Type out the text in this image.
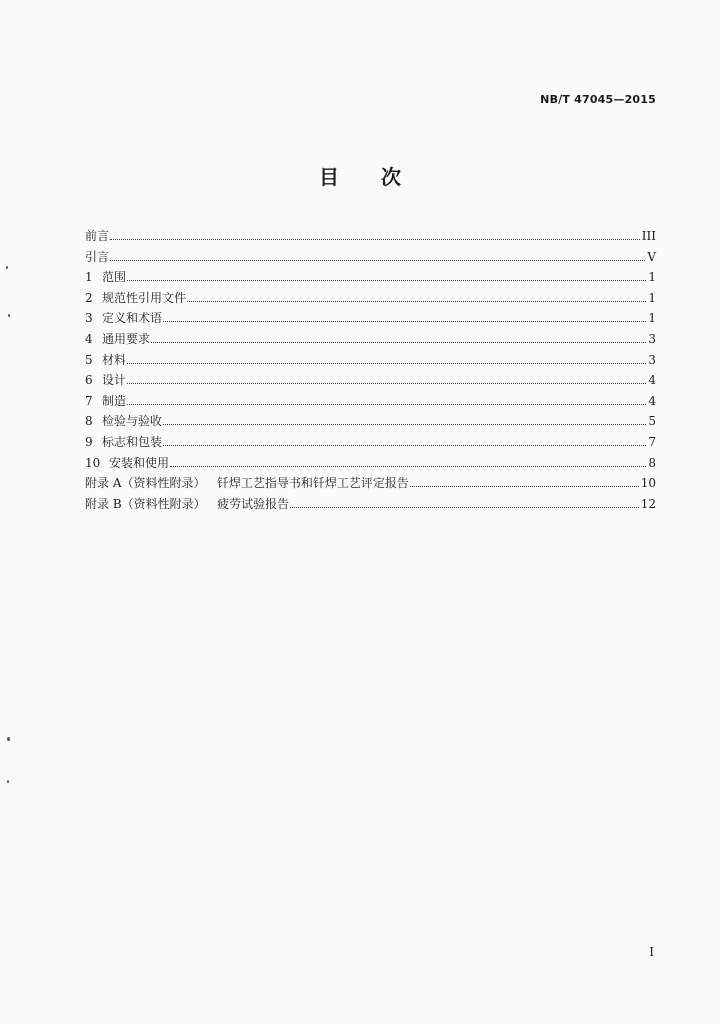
NB/T 47045—2015
目 次
前言	III
引言	V
1 范围	1
2 规范性引用文件	1
3 定义和术语	1
4 通用要求	3
5 材料	3
6 设计	4
7 制造	4
8 检验与验收	5
9 标志和包装	7
10 安装和使用	8
附录 A（资料性附录）   钎焊工艺指导书和钎焊工艺评定报告	10
附录 B（资料性附录）   疲劳试验报告	12
I
